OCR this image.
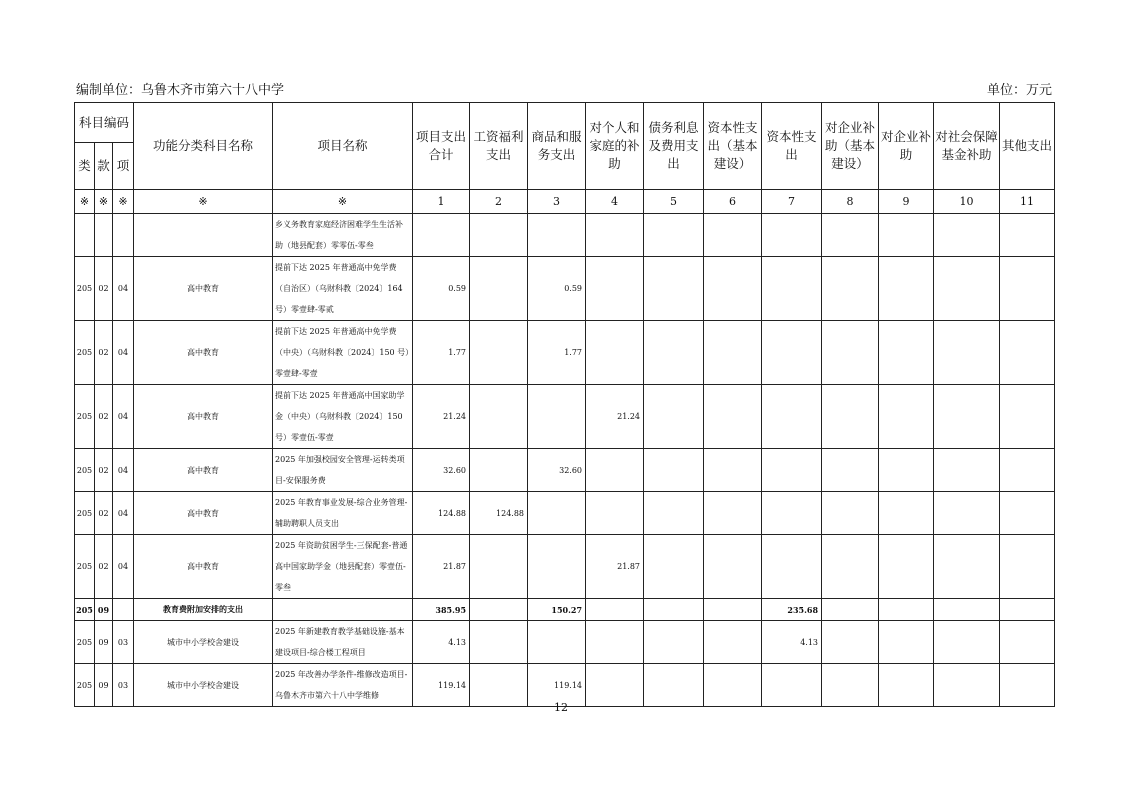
编制单位：乌鲁木齐市第六十八中学	单位：万元
科目编码			功能分类科目名称	项目名称	项目支出合计	工资福利支出	商品和服务支出	对个人和家庭的补助	债务利息及费用支出	资本性支出（基本建设）	资本性支出	对企业补助（基本建设）	对企业补助	对社会保障基金补助	其他支出
类	款	项													
※	※	※	※	※	1	2	3	4	5	6	7	8	9	10	11
				乡义务教育家庭经济困难学生生活补助（地县配套）零零伍-零叁											
205	02	04	高中教育	提前下达 2025 年普通高中免学费（自治区）（乌财科教〔2024〕164 号）零壹肆-零贰	0.59		0.59								
205	02	04	高中教育	提前下达 2025 年普通高中免学费（中央）（乌财科教〔2024〕150 号）零壹肆-零壹	1.77		1.77								
205	02	04	高中教育	提前下达 2025 年普通高中国家助学金（中央）（乌财科教〔2024〕150 号）零壹伍-零壹	21.24			21.24							
205	02	04	高中教育	2025 年加强校园安全管理-运转类项目-安保服务费	32.60		32.60								
205	02	04	高中教育	2025 年教育事业发展-综合业务管理-辅助聘职人员支出	124.88	124.88									
205	02	04	高中教育	2025 年资助贫困学生-三保配套-普通高中国家助学金（地县配套）零壹伍-零叁	21.87			21.87							
205	09		教育费附加安排的支出		385.95		150.27				235.68				
205	09	03	城市中小学校舍建设	2025 年新建教育教学基础设施-基本建设项目-综合楼工程项目	4.13						4.13				
205	09	03	城市中小学校舍建设	2025 年改善办学条件-维修改造项目-乌鲁木齐市第六十八中学维修	119.14		119.14								
12
